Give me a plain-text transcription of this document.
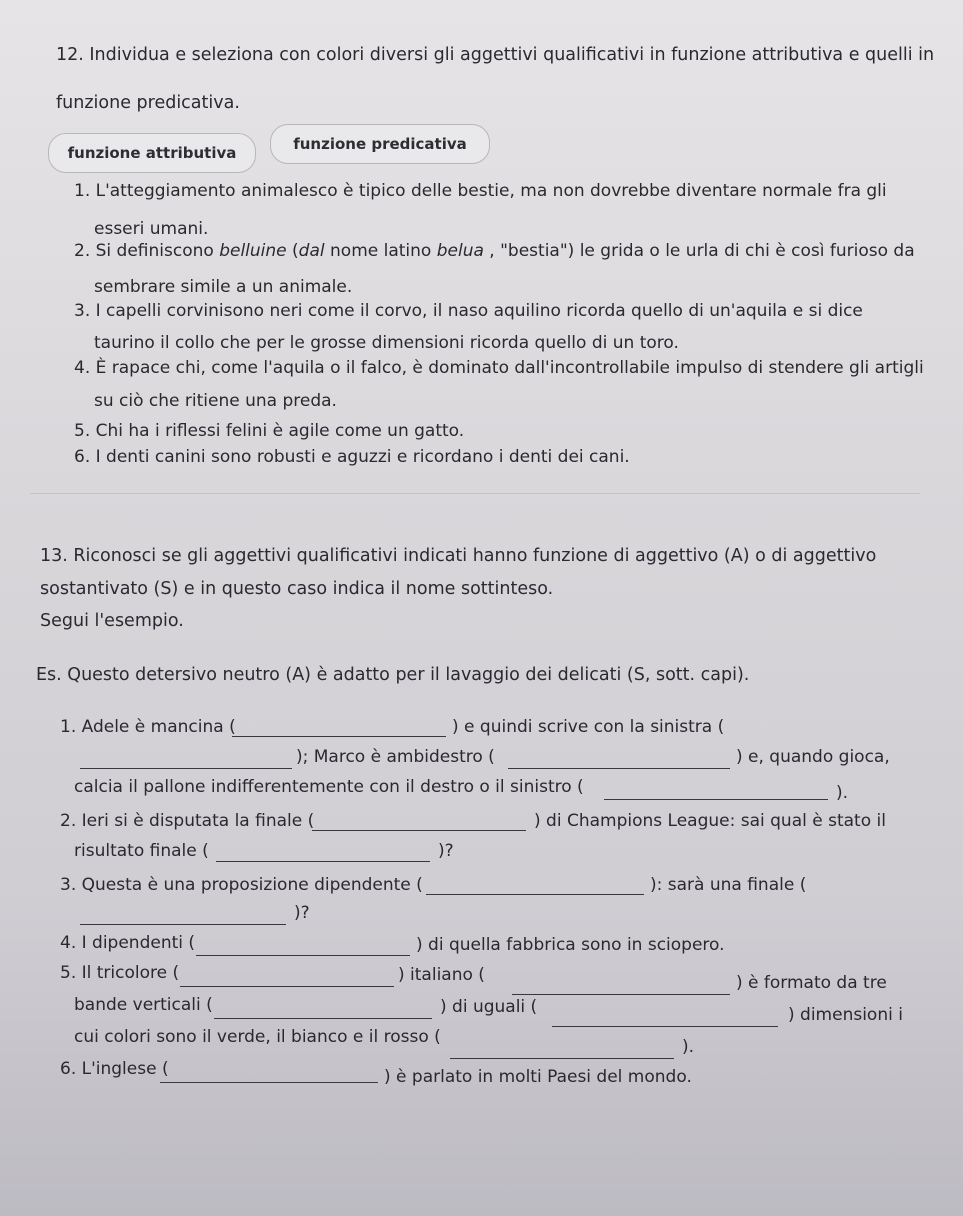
12. Individua e seleziona con colori diversi gli aggettivi qualificativi in funzione attributiva e quelli in
funzione predicativa.
funzione attributiva	funzione predicativa
1. L'atteggiamento animalesco è tipico delle bestie, ma non dovrebbe diventare normale fra gli
esseri umani.
2. Si definiscono belluine (dal nome latino belua , "bestia") le grida o le urla di chi è così furioso da
sembrare simile a un animale.
3. I capelli corvinisono neri come il corvo, il naso aquilino ricorda quello di un'aquila e si dice
taurino il collo che per le grosse dimensioni ricorda quello di un toro.
4. È rapace chi, come l'aquila o il falco, è dominato dall'incontrollabile impulso di stendere gli artigli
su ciò che ritiene una preda.
5. Chi ha i riflessi felini è agile come un gatto.
6. I denti canini sono robusti e aguzzi e ricordano i denti dei cani.
13. Riconosci se gli aggettivi qualificativi indicati hanno funzione di aggettivo (A) o di aggettivo
sostantivato (S) e in questo caso indica il nome sottinteso.
Segui l'esempio.
Es. Questo detersivo neutro (A) è adatto per il lavaggio dei delicati (S, sott. capi).
1. Adele è mancina (	) e quindi scrive con la sinistra (
); Marco è ambidestro (	) e, quando gioca,
calcia il pallone indifferentemente con il destro o il sinistro (	).
2. Ieri si è disputata la finale (	) di Champions League: sai qual è stato il
risultato finale (	)?
3. Questa è una proposizione dipendente (	): sarà una finale (
)?
4. I dipendenti (	) di quella fabbrica sono in sciopero.
5. Il tricolore (	) italiano (	) è formato da tre
bande verticali (	) di uguali (	) dimensioni i
cui colori sono il verde, il bianco e il rosso (	).
6. L'inglese (	) è parlato in molti Paesi del mondo.
